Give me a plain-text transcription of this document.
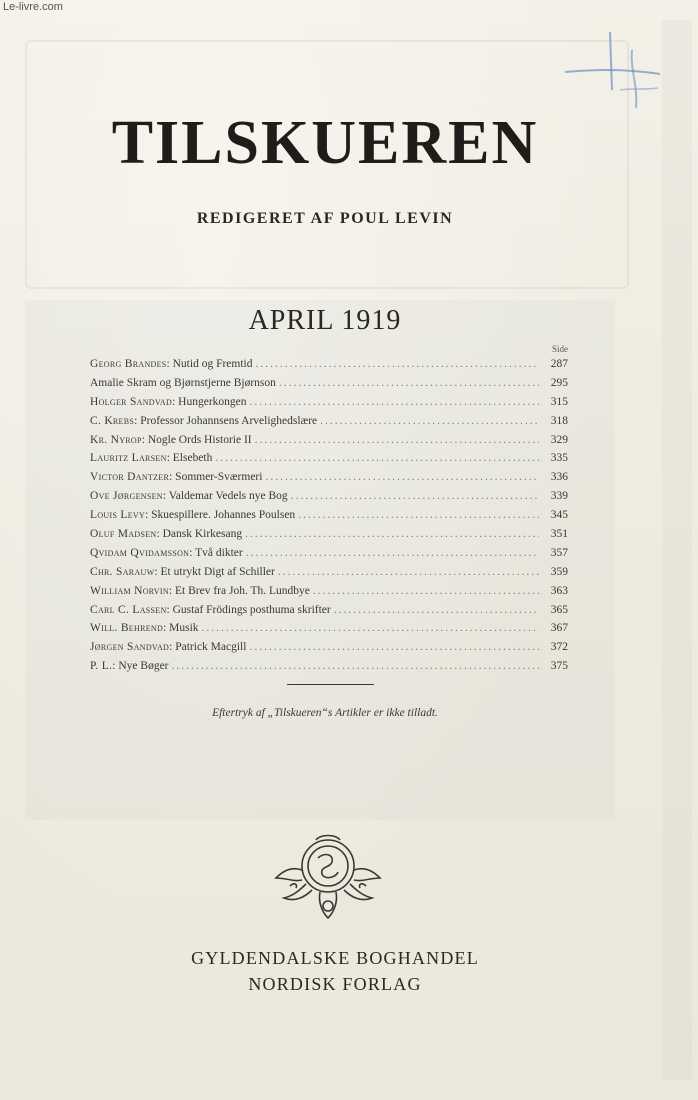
Le-livre.com
TILSKUEREN
REDIGERET AF POUL LEVIN
APRIL 1919
Side
Georg Brandes: Nutid og Fremtid .....	287
Amalie Skram og Bjørnstjerne Bjørnson .....	295
Holger Sandvad: Hungerkongen .....	315
C. Krebs: Professor Johannsens Arvelighedslære .....	318
Kr. Nyrop: Nogle Ords Historie II .....	329
Lauritz Larsen: Elsebeth .....	335
Victor Dantzer: Sommer-Sværmeri .....	336
Ove Jørgensen: Valdemar Vedels nye Bog .....	339
Louis Levy: Skuespillere. Johannes Poulsen .....	345
Oluf Madsen: Dansk Kirkesang .....	351
Qvidam Qvidamsson: Två dikter .....	357
Chr. Sarauw: Et utrykt Digt af Schiller .....	359
William Norvin: Et Brev fra Joh. Th. Lundbye .....	363
Carl C. Lassen: Gustaf Frödings posthuma skrifter .....	365
Will. Behrend: Musik .....	367
Jørgen Sandvad: Patrick Macgill .....	372
P. L.: Nye Bøger .....	375
Eftertryk af „Tilskueren“s Artikler er ikke tilladt.
GYLDENDALSKE BOGHANDEL
NORDISK FORLAG
